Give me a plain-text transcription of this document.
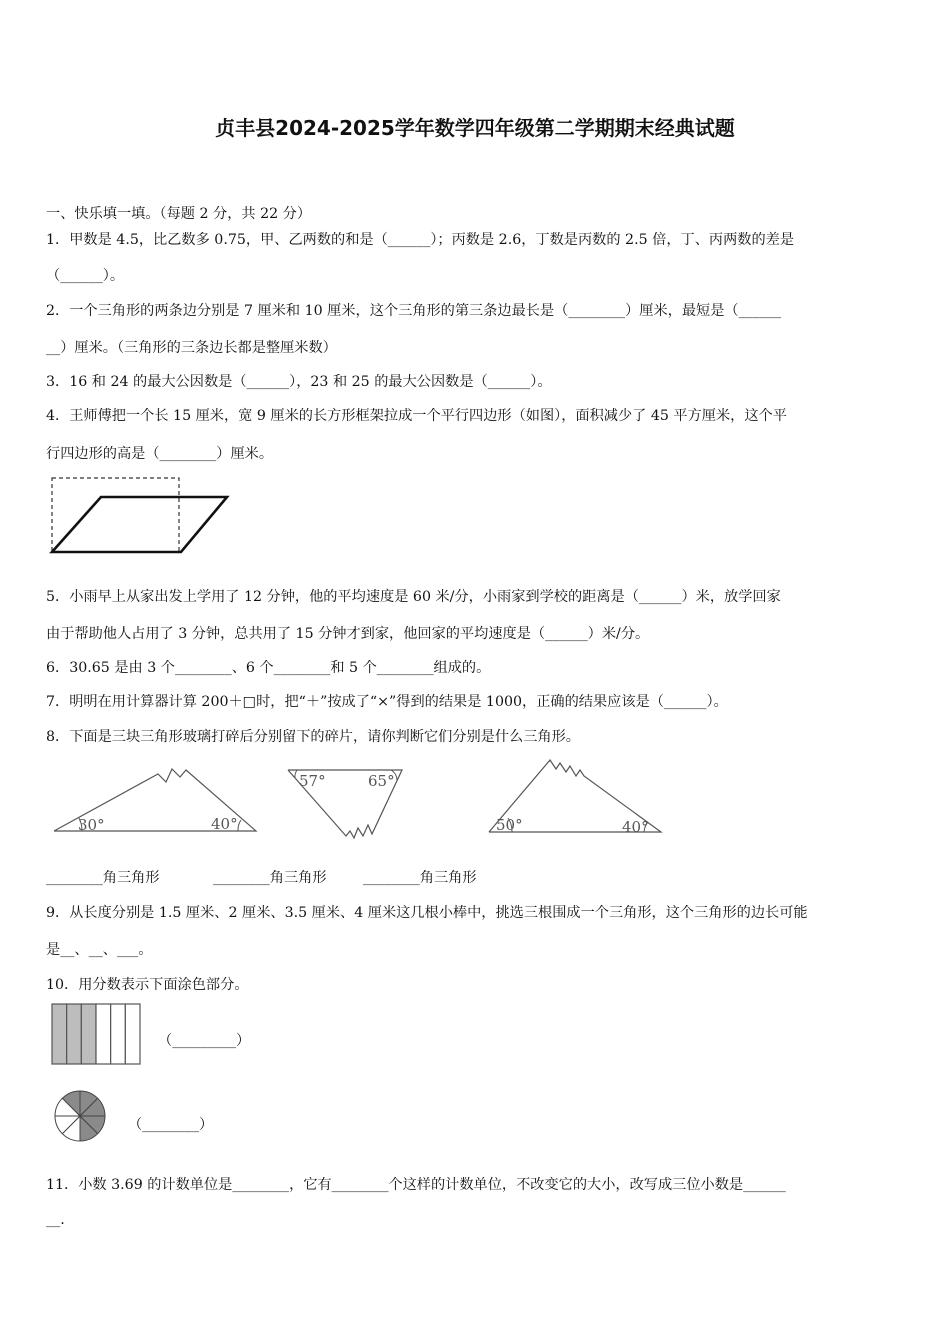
贞丰县2024-2025学年数学四年级第二学期期末经典试题
一、快乐填一填。（每题 2 分，共 22 分）
1．甲数是 4.5，比乙数多 0.75，甲、乙两数的和是（______）；丙数是 2.6，丁数是丙数的 2.5 倍，丁、丙两数的差是
（______）。
2．一个三角形的两条边分别是 7 厘米和 10 厘米，这个三角形的第三条边最长是（________）厘米，最短是（______
__）厘米。（三角形的三条边长都是整厘米数）
3．16 和 24 的最大公因数是（______），23 和 25 的最大公因数是（______）。
4．王师傅把一个长 15 厘米，宽 9 厘米的长方形框架拉成一个平行四边形（如图），面积减少了 45 平方厘米，这个平
行四边形的高是（________）厘米。
5．小雨早上从家出发上学用了 12 分钟，他的平均速度是 60 米/分，小雨家到学校的距离是（______）米，放学回家
由于帮助他人占用了 3 分钟，总共用了 15 分钟才到家，他回家的平均速度是（______）米/分。
6．30.65 是由 3 个________、6 个________和 5 个________组成的。
7．明明在用计算器计算 200＋□时，把“＋”按成了“×”得到的结果是 1000，正确的结果应该是（______）。
8．下面是三块三角形玻璃打碎后分别留下的碎片，请你判断它们分别是什么三角形。
30°	40°
57°	65°
50°	40°
________角三角形	________角三角形	________角三角形
9．从长度分别是 1.5 厘米、2 厘米、3.5 厘米、4 厘米这几根小棒中，挑选三根围成一个三角形，这个三角形的边长可能
是__、__、___。
10．用分数表示下面涂色部分。
（_________）
（________）
11．小数 3.69 的计数单位是________，它有________个这样的计数单位，不改变它的大小，改写成三位小数是______
__.
